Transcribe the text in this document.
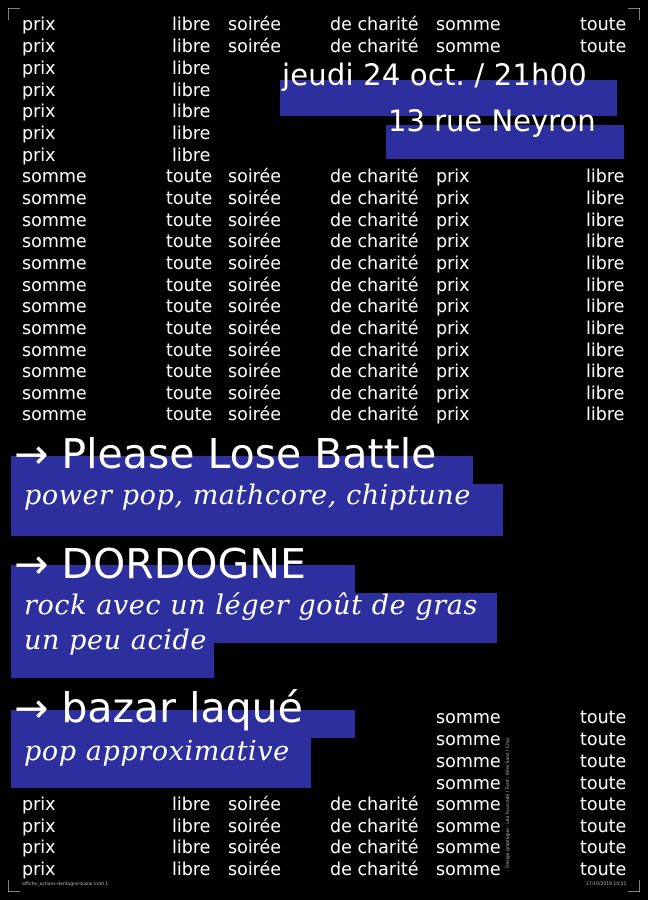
prix	libre soirée	de charité somme	toute
prix	libre soirée	de charité somme	toute
prix	libre
prix	libre
prix	libre
prix	libre
prix	libre
somme	toute soirée	de charité prix	libre
somme	toute soirée	de charité prix	libre
somme	toute soirée	de charité prix	libre
somme	toute soirée	de charité prix	libre
somme	toute soirée	de charité prix	libre
somme	toute soirée	de charité prix	libre
somme	toute soirée	de charité prix	libre
somme	toute soirée	de charité prix	libre
somme	toute soirée	de charité prix	libre
somme	toute soirée	de charité prix	libre
somme	toute soirée	de charité prix	libre
somme	toute soirée	de charité prix	libre
somme	toute
somme	toute
somme	toute
somme	toute
prix	libre soirée	de charité somme	toute
prix	libre soirée	de charité somme	toute
prix	libre soirée	de charité somme	toute
prix	libre soirée	de charité somme	toute
jeudi 24 oct. / 21h00
13 rue Neyron
→ Please Lose Battle
power pop, mathcore, chiptune
→ DORDOGNE
rock avec un léger goût de gras
un peu acide
→ bazar laqué
pop approximative
affiche_actions-dordogne-bazar.indd 1	17/10/2019 14:51
Design graphique : Léa Fourcade / Font : Aéro Sans / Cmp
